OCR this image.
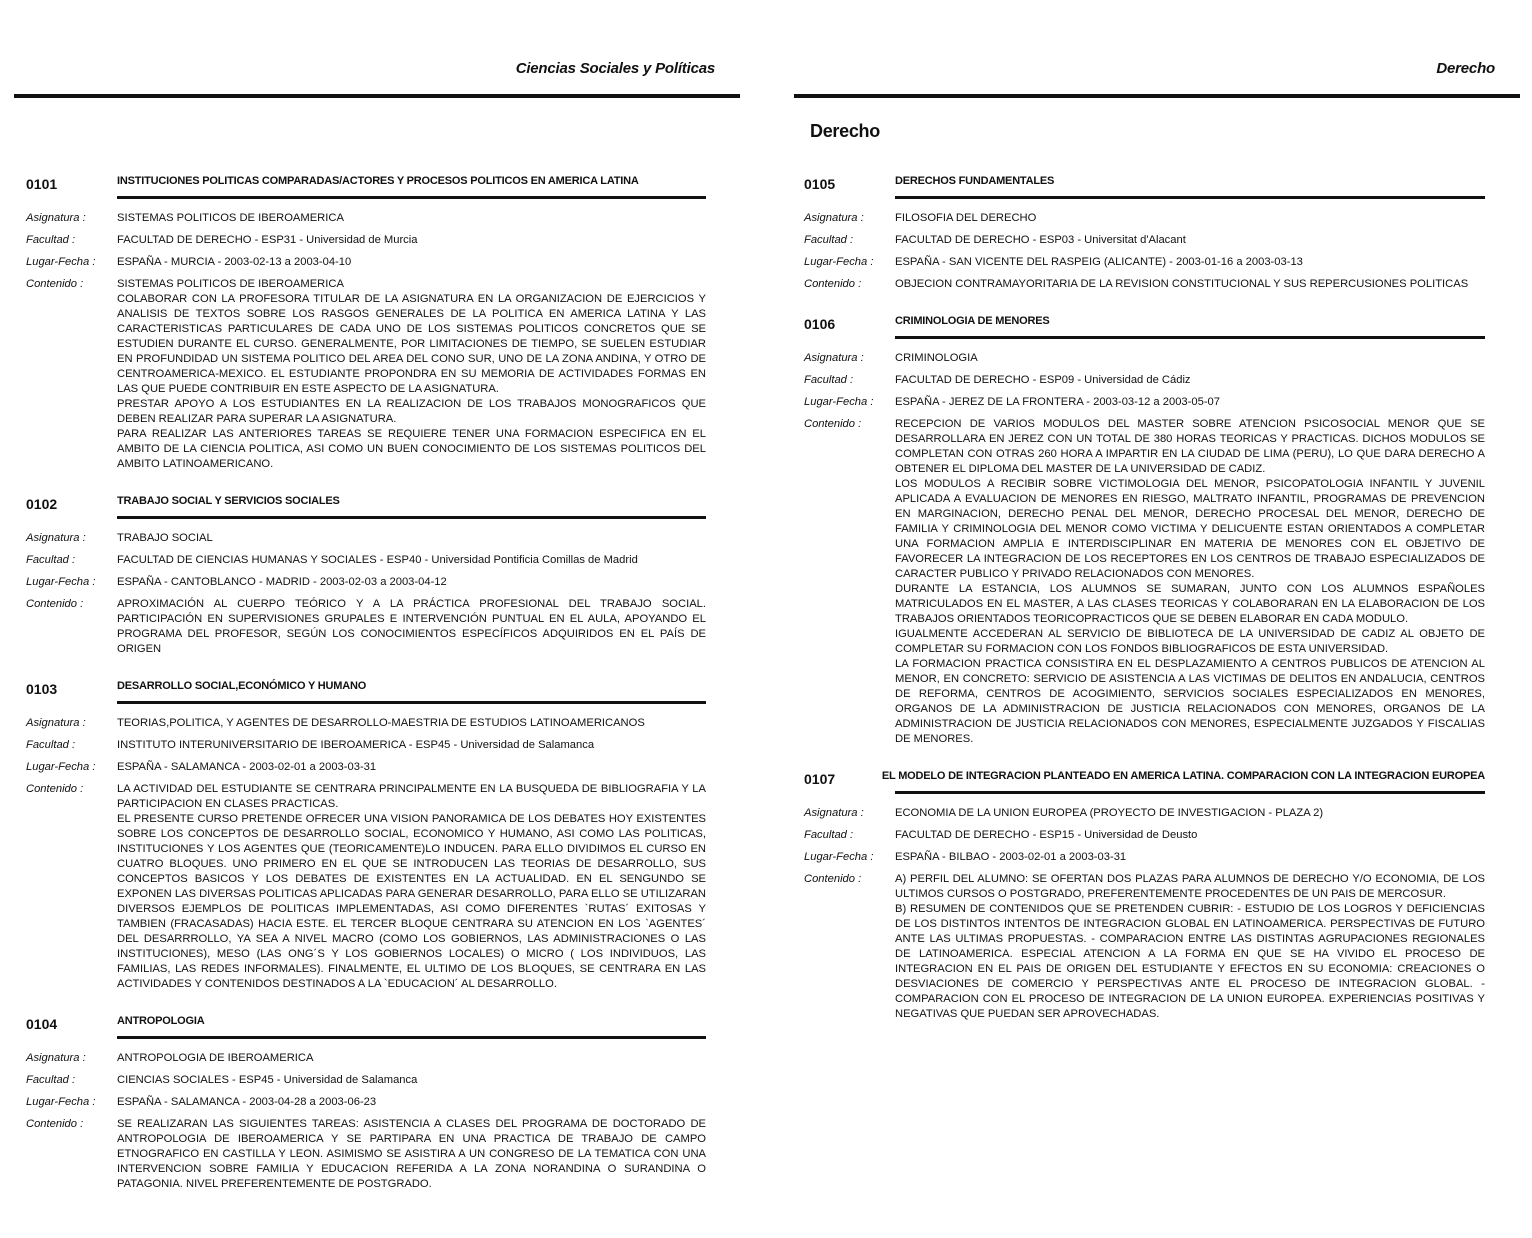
Ciencias Sociales y Políticas
0101	INSTITUCIONES POLITICAS COMPARADAS/ACTORES Y PROCESOS POLITICOS EN AMERICA LATINA
Asignatura :	SISTEMAS POLITICOS DE IBEROAMERICA
Facultad :	FACULTAD DE DERECHO - ESP31 - Universidad de Murcia
Lugar-Fecha :	ESPAÑA - MURCIA - 2003-02-13 a 2003-04-10
Contenido :	SISTEMAS POLITICOS DE IBEROAMERICA
COLABORAR CON LA PROFESORA TITULAR DE LA ASIGNATURA EN LA ORGANIZACION DE EJERCICIOS Y ANALISIS DE TEXTOS SOBRE LOS RASGOS GENERALES DE LA POLITICA EN AMERICA LATINA Y LAS CARACTERISTICAS PARTICULARES DE CADA UNO DE LOS SISTEMAS POLITICOS CONCRETOS QUE SE ESTUDIEN DURANTE EL CURSO. GENERALMENTE, POR LIMITACIONES DE TIEMPO, SE SUELEN ESTUDIAR EN PROFUNDIDAD UN SISTEMA POLITICO DEL AREA DEL CONO SUR, UNO DE LA ZONA ANDINA, Y OTRO DE CENTROAMERICA-MEXICO. EL ESTUDIANTE PROPONDRA EN SU MEMORIA DE ACTIVIDADES FORMAS EN LAS QUE PUEDE CONTRIBUIR EN ESTE ASPECTO DE LA ASIGNATURA.
PRESTAR APOYO A LOS ESTUDIANTES EN LA REALIZACION DE LOS TRABAJOS MONOGRAFICOS QUE DEBEN REALIZAR PARA SUPERAR LA ASIGNATURA.
PARA REALIZAR LAS ANTERIORES TAREAS SE REQUIERE TENER UNA FORMACION ESPECIFICA EN EL AMBITO DE LA CIENCIA POLITICA, ASI COMO UN BUEN CONOCIMIENTO DE LOS SISTEMAS POLITICOS DEL AMBITO LATINOAMERICANO.
0102	TRABAJO SOCIAL Y SERVICIOS SOCIALES
Asignatura :	TRABAJO SOCIAL
Facultad :	FACULTAD DE CIENCIAS HUMANAS Y SOCIALES - ESP40 - Universidad Pontificia Comillas de Madrid
Lugar-Fecha :	ESPAÑA - CANTOBLANCO - MADRID - 2003-02-03 a 2003-04-12
Contenido :	APROXIMACIÓN AL CUERPO TEÓRICO Y A LA PRÁCTICA PROFESIONAL DEL TRABAJO SOCIAL. PARTICIPACIÓN EN SUPERVISIONES GRUPALES E INTERVENCIÓN PUNTUAL EN EL AULA, APOYANDO EL PROGRAMA DEL PROFESOR, SEGÚN LOS CONOCIMIENTOS ESPECÍFICOS ADQUIRIDOS EN EL PAÍS DE ORIGEN
0103	DESARROLLO SOCIAL,ECONÓMICO Y HUMANO
Asignatura :	TEORIAS,POLITICA, Y AGENTES DE DESARROLLO-MAESTRIA DE ESTUDIOS LATINOAMERICANOS
Facultad :	INSTITUTO INTERUNIVERSITARIO DE IBEROAMERICA - ESP45 - Universidad de Salamanca
Lugar-Fecha :	ESPAÑA - SALAMANCA - 2003-02-01 a 2003-03-31
Contenido :	LA ACTIVIDAD DEL ESTUDIANTE SE CENTRARA PRINCIPALMENTE EN LA BUSQUEDA DE BIBLIOGRAFIA Y LA PARTICIPACION EN CLASES PRACTICAS.
EL PRESENTE CURSO PRETENDE OFRECER UNA VISION PANORAMICA DE LOS DEBATES HOY EXISTENTES SOBRE LOS CONCEPTOS DE DESARROLLO SOCIAL, ECONOMICO Y HUMANO, ASI COMO LAS POLITICAS, INSTITUCIONES Y LOS AGENTES QUE (TEORICAMENTE)LO INDUCEN. PARA ELLO DIVIDIMOS EL CURSO EN CUATRO BLOQUES. UNO PRIMERO EN EL QUE SE INTRODUCEN LAS TEORIAS DE DESARROLLO, SUS CONCEPTOS BASICOS Y LOS DEBATES DE EXISTENTES EN LA ACTUALIDAD. EN EL SENGUNDO SE EXPONEN LAS DIVERSAS POLITICAS APLICADAS PARA GENERAR DESARROLLO, PARA ELLO SE UTILIZARAN DIVERSOS EJEMPLOS DE POLITICAS IMPLEMENTADAS, ASI COMO DIFERENTES `RUTAS´ EXITOSAS Y TAMBIEN (FRACASADAS) HACIA ESTE. EL TERCER BLOQUE CENTRARA SU ATENCION EN LOS `AGENTES´ DEL DESARRROLLO, YA SEA A NIVEL MACRO (COMO LOS GOBIERNOS, LAS ADMINISTRACIONES O LAS INSTITUCIONES), MESO (LAS ONG´S Y LOS GOBIERNOS LOCALES) O MICRO ( LOS INDIVIDUOS, LAS FAMILIAS, LAS REDES INFORMALES). FINALMENTE, EL ULTIMO DE LOS BLOQUES, SE CENTRARA EN LAS ACTIVIDADES Y CONTENIDOS DESTINADOS A LA `EDUCACION´ AL DESARROLLO.
0104	ANTROPOLOGIA
Asignatura :	ANTROPOLOGIA DE IBEROAMERICA
Facultad :	CIENCIAS SOCIALES - ESP45 - Universidad de Salamanca
Lugar-Fecha :	ESPAÑA - SALAMANCA - 2003-04-28 a 2003-06-23
Contenido :	SE REALIZARAN LAS SIGUIENTES TAREAS: ASISTENCIA A CLASES DEL PROGRAMA DE DOCTORADO DE ANTROPOLOGIA DE IBEROAMERICA Y SE PARTIPARA EN UNA PRACTICA DE TRABAJO DE CAMPO ETNOGRAFICO EN CASTILLA Y LEON. ASIMISMO SE ASISTIRA A UN CONGRESO DE LA TEMATICA CON UNA INTERVENCION SOBRE FAMILIA Y EDUCACION REFERIDA A LA ZONA NORANDINA O SURANDINA O PATAGONIA. NIVEL PREFERENTEMENTE DE POSTGRADO.
Derecho
Derecho
0105	DERECHOS FUNDAMENTALES
Asignatura :	FILOSOFIA DEL DERECHO
Facultad :	FACULTAD DE DERECHO - ESP03 - Universitat d'Alacant
Lugar-Fecha :	ESPAÑA - SAN VICENTE DEL RASPEIG (ALICANTE) - 2003-01-16 a 2003-03-13
Contenido :	OBJECION CONTRAMAYORITARIA DE LA REVISION CONSTITUCIONAL Y SUS REPERCUSIONES POLITICAS
0106	CRIMINOLOGIA DE MENORES
Asignatura :	CRIMINOLOGIA
Facultad :	FACULTAD DE DERECHO - ESP09 - Universidad de Cádiz
Lugar-Fecha :	ESPAÑA - JEREZ DE LA FRONTERA - 2003-03-12 a 2003-05-07
Contenido :	RECEPCION DE VARIOS MODULOS DEL MASTER SOBRE ATENCION PSICOSOCIAL MENOR QUE SE DESARROLLARA EN JEREZ CON UN TOTAL DE 380 HORAS TEORICAS Y PRACTICAS. DICHOS MODULOS SE COMPLETAN CON OTRAS 260 HORA A IMPARTIR EN LA CIUDAD DE LIMA (PERU), LO QUE DARA DERECHO A OBTENER EL DIPLOMA DEL MASTER DE LA UNIVERSIDAD DE CADIZ.
LOS MODULOS A RECIBIR SOBRE VICTIMOLOGIA DEL MENOR, PSICOPATOLOGIA INFANTIL Y JUVENIL APLICADA A EVALUACION DE MENORES EN RIESGO, MALTRATO INFANTIL, PROGRAMAS DE PREVENCION EN MARGINACION, DERECHO PENAL DEL MENOR, DERECHO PROCESAL DEL MENOR, DERECHO DE FAMILIA Y CRIMINOLOGIA DEL MENOR COMO VICTIMA Y DELICUENTE ESTAN ORIENTADOS A COMPLETAR UNA FORMACION AMPLIA E INTERDISCIPLINAR EN MATERIA DE MENORES CON EL OBJETIVO DE FAVORECER LA INTEGRACION DE LOS RECEPTORES EN LOS CENTROS DE TRABAJO ESPECIALIZADOS DE CARACTER PUBLICO Y PRIVADO RELACIONADOS CON MENORES.
DURANTE LA ESTANCIA, LOS ALUMNOS SE SUMARAN, JUNTO CON LOS ALUMNOS ESPAÑOLES MATRICULADOS EN EL MASTER, A LAS CLASES TEORICAS Y COLABORARAN EN LA ELABORACION DE LOS TRABAJOS ORIENTADOS TEORICOPRACTICOS QUE SE DEBEN ELABORAR EN CADA MODULO.
IGUALMENTE ACCEDERAN AL SERVICIO DE BIBLIOTECA DE LA UNIVERSIDAD DE CADIZ AL OBJETO DE COMPLETAR SU FORMACION CON LOS FONDOS BIBLIOGRAFICOS DE ESTA UNIVERSIDAD.
LA FORMACION PRACTICA CONSISTIRA EN EL DESPLAZAMIENTO A CENTROS PUBLICOS DE ATENCION AL MENOR, EN CONCRETO: SERVICIO DE ASISTENCIA A LAS VICTIMAS DE DELITOS EN ANDALUCIA, CENTROS DE REFORMA, CENTROS DE ACOGIMIENTO, SERVICIOS SOCIALES ESPECIALIZADOS EN MENORES, ORGANOS DE LA ADMINISTRACION DE JUSTICIA RELACIONADOS CON MENORES, ORGANOS DE LA ADMINISTRACION DE JUSTICIA RELACIONADOS CON MENORES, ESPECIALMENTE JUZGADOS Y FISCALIAS DE MENORES.
0107	EL MODELO DE INTEGRACION PLANTEADO EN AMERICA LATINA. COMPARACION CON LA INTEGRACION EUROPEA
Asignatura :	ECONOMIA DE LA UNION EUROPEA (PROYECTO DE INVESTIGACION - PLAZA 2)
Facultad :	FACULTAD DE DERECHO - ESP15 - Universidad de Deusto
Lugar-Fecha :	ESPAÑA - BILBAO - 2003-02-01 a 2003-03-31
Contenido :	A) PERFIL DEL ALUMNO: SE OFERTAN DOS PLAZAS PARA ALUMNOS DE DERECHO Y/O ECONOMIA, DE LOS ULTIMOS CURSOS O POSTGRADO, PREFERENTEMENTE PROCEDENTES DE UN PAIS DE MERCOSUR.
B) RESUMEN DE CONTENIDOS QUE SE PRETENDEN CUBRIR: - ESTUDIO DE LOS LOGROS Y DEFICIENCIAS DE LOS DISTINTOS INTENTOS DE INTEGRACION GLOBAL EN LATINOAMERICA. PERSPECTIVAS DE FUTURO ANTE LAS ULTIMAS PROPUESTAS. - COMPARACION ENTRE LAS DISTINTAS AGRUPACIONES REGIONALES DE LATINOAMERICA. ESPECIAL ATENCION A LA FORMA EN QUE SE HA VIVIDO EL PROCESO DE INTEGRACION EN EL PAIS DE ORIGEN DEL ESTUDIANTE Y EFECTOS EN SU ECONOMIA: CREACIONES O DESVIACIONES DE COMERCIO Y PERSPECTIVAS ANTE EL PROCESO DE INTEGRACION GLOBAL. - COMPARACION CON EL PROCESO DE INTEGRACION DE LA UNION EUROPEA. EXPERIENCIAS POSITIVAS Y NEGATIVAS QUE PUEDAN SER APROVECHADAS.
